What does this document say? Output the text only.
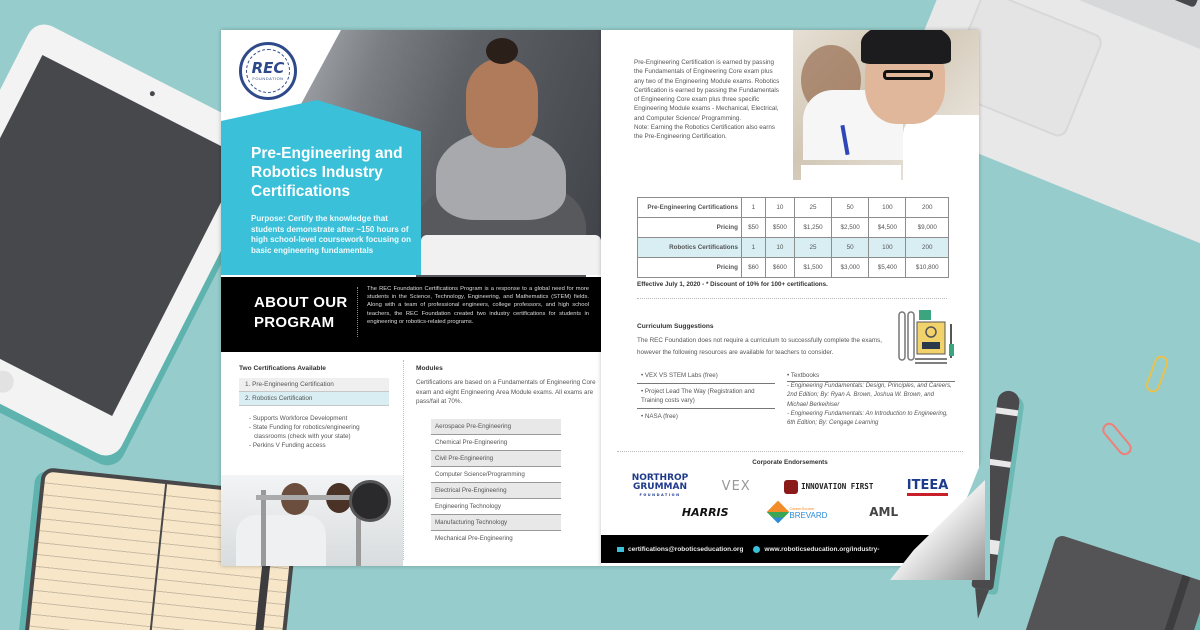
REC
FOUNDATION
Pre-Engineering and Robotics Industry Certifications
Purpose: Certify the knowledge that students demonstrate after ~150 hours of high school-level coursework focusing on basic engineering fundamentals
ABOUT OUR
PROGRAM
The REC Foundation Certifications Program is a response to a global need for more students in the Science, Technology, Engineering, and Mathematics (STEM) fields. Along with a team of professional engineers, college professors, and high school teachers, the REC Foundation created two industry certifications for students in engineering or robotics-related programs.
Two Certifications Available
1. Pre-Engineering Certification
2. Robotics Certification
- Supports Workforce Development
- State Funding for robotics/engineering
classrooms (check with your state)
- Perkins V Funding access
Modules
Certifications are based on a Fundamentals of Engineering Core exam and eight Engineering Area Module exams. All exams are pass/fail at 70%.
Aerospace Pre-Engineering
Chemical Pre-Engineering
Civil Pre-Engineering
Computer Science/Programming
Electrical Pre-Engineering
Engineering Technology
Manufacturing Technology
Mechanical Pre-Engineering
Pre-Engineering Certification is earned by passing the Fundamentals of Engineering Core exam plus any two of the Engineering Module exams. Robotics Certification is earned by passing the Fundamentals of Engineering Core exam plus three specific Engineering Module exams - Mechanical, Electrical, and Computer Science/ Programming.
Note: Earning the Robotics Certification also earns the Pre-Engineering Certification.
Pre-Engineering Certifications	1	10	25	50	100	200
Pricing	$50	$500	$1,250	$2,500	$4,500	$9,000
Robotics Certifications	1	10	25	50	100	200
Pricing	$60	$600	$1,500	$3,000	$5,400	$10,800
Effective July 1, 2020 - * Discount of 10% for 100+ certifications.
Curriculum Suggestions
The REC Foundation does not require a curriculum to successfully complete the exams, however the following resources are available for teachers to consider.
• VEX VS STEM Labs (free)
• Project Lead The Way (Registration and Training costs vary)
• NASA (free)
• Textbooks
- Engineering Fundamentals: Design, Principles, and Careers, 2nd Edition; By: Ryan A. Brown, Joshua W. Brown, and Michael Berkeihiser
- Engineering Fundamentals: An Introduction to Engineering, 6th Edition; By: Cengage Learning
Corporate Endorsements
NORTHROP
GRUMMAN
FOUNDATION
VEX	INNOVATION FIRST	ITEEA
HARRIS	CareerSource
BREVARD	AML
certifications@roboticseducation.org	www.roboticseducation.org/industry-
